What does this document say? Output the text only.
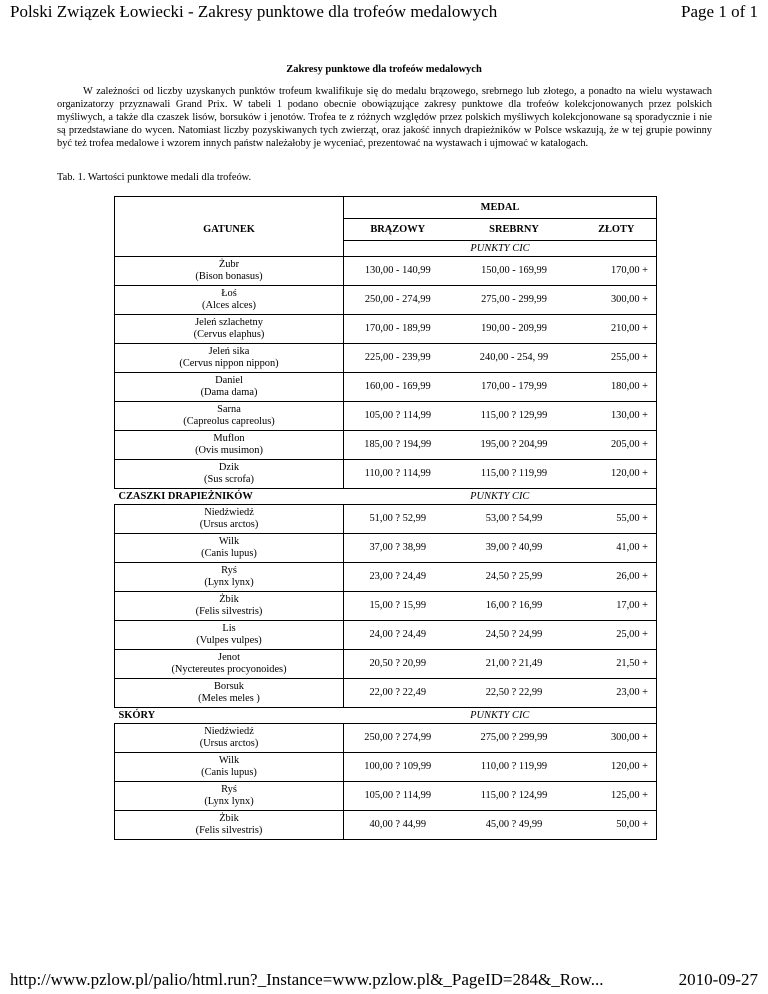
Polski Związek Łowiecki - Zakresy punktowe dla trofeów medalowych	Page 1 of 1
Zakresy punktowe dla trofeów medalowych

W zależności od liczby uzyskanych punktów trofeum kwalifikuje się do medalu brązowego, srebrnego lub złotego, a ponadto na wielu wystawach organizatorzy przyznawali Grand Prix. W tabeli 1 podano obecnie obowiązujące zakresy punktowe dla trofeów kolekcjonowanych przez polskich myśliwych, a także dla czaszek lisów, borsuków i jenotów. Trofea te z różnych względów przez polskich myśliwych kolekcjonowane są sporadycznie i nie są przedstawiane do wycen. Natomiast liczby pozyskiwanych tych zwierząt, oraz jakość innych drapieżników w Polsce wskazują, że w tej grupie powinny być też trofea medalowe i wzorem innych państw należałoby je wyceniać, prezentować na wystawach i ujmować w katalogach.

Tab. 1. Wartości punktowe medali dla trofeów.

	MEDAL		
GATUNEK	BRĄZOWY	SREBRNY	ZŁOTY
	PUNKTY CIC		

Żubr
(Bison bonasus)	130,00 - 140,99	150,00 - 169,99	170,00 +

Łoś
(Alces alces)	250,00 - 274,99	275,00 - 299,99	300,00 +

Jeleń szlachetny
(Cervus elaphus)	170,00 - 189,99	190,00 - 209,99	210,00 +

Jeleń sika
(Cervus nippon nippon)	225,00 - 239,99	240,00 - 254, 99	255,00 +

Daniel
(Dama dama)	160,00 - 169,99	170,00 - 179,99	180,00 +

Sarna
(Capreolus capreolus)	105,00 ? 114,99	115,00 ? 129,99	130,00 +

Muflon
(Ovis musimon)	185,00 ? 194,99	195,00 ? 204,99	205,00 +

Dzik
(Sus scrofa)	110,00 ? 114,99	115,00 ? 119,99	120,00 +
CZASZKI DRAPIEŻNIKÓW	PUNKTY CIC		

Niedźwiedź
(Ursus arctos)	51,00 ? 52,99	53,00 ? 54,99	55,00 +

Wilk
(Canis lupus)	37,00 ? 38,99	39,00 ? 40,99	41,00 +

Ryś
(Lynx lynx)	23,00 ? 24,49	24,50 ? 25,99	26,00 +

Żbik
(Felis silvestris)	15,00 ? 15,99	16,00 ? 16,99	17,00 +

Lis
(Vulpes vulpes)	24,00 ? 24,49	24,50 ? 24,99	25,00 +

Jenot
(Nyctereutes procyonoides)	20,50 ? 20,99	21,00 ? 21,49	21,50 +

Borsuk
(Meles meles )	22,00 ? 22,49	22,50 ? 22,99	23,00 +
SKÓRY	PUNKTY CIC		

Niedźwiedź
(Ursus arctos)	250,00 ? 274,99	275,00 ? 299,99	300,00 +

Wilk
(Canis lupus)	100,00 ? 109,99	110,00 ? 119,99	120,00 +

Ryś
(Lynx lynx)	105,00 ? 114,99	115,00 ? 124,99	125,00 +

Żbik
(Felis silvestris)	40,00 ? 44,99	45,00 ? 49,99	50,00 +
http://www.pzlow.pl/palio/html.run?_Instance=www.pzlow.pl&_PageID=284&_Row...	2010-09-27
